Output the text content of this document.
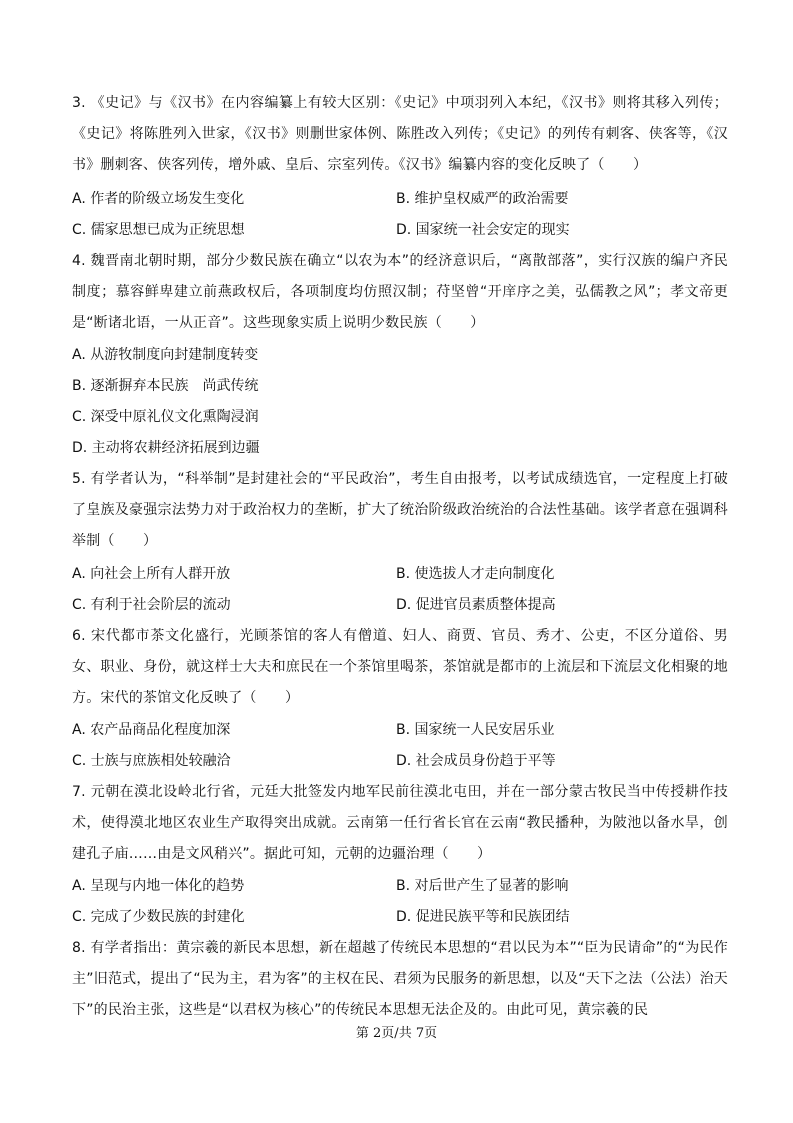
3. 《史记》与《汉书》在内容编纂上有较大区别：《史记》中项羽列入本纪，《汉书》则将其移入列传；《史记》将陈胜列入世家，《汉书》则删世家体例、陈胜改入列传；《史记》的列传有刺客、侠客等，《汉书》删刺客、侠客列传，增外戚、皇后、宗室列传。《汉书》编纂内容的变化反映了（　　）

A. 作者的阶级立场发生变化	B. 维护皇权威严的政治需要
C. 儒家思想已成为正统思想	D. 国家统一社会安定的现实

4. 魏晋南北朝时期，部分少数民族在确立“以农为本”的经济意识后，“离散部落”，实行汉族的编户齐民制度；慕容鲜卑建立前燕政权后，各项制度均仿照汉制；苻坚曾“开庠序之美，弘儒教之风”；孝文帝更是“断诸北语，一从正音”。这些现象实质上说明少数民族（　　）

A. 从游牧制度向封建制度转变
B. 逐渐摒弃本民族　尚武传统
C. 深受中原礼仪文化熏陶浸润
D. 主动将农耕经济拓展到边疆

5. 有学者认为，“科举制”是封建社会的“平民政治”，考生自由报考，以考试成绩选官，一定程度上打破了皇族及豪强宗法势力对于政治权力的垄断，扩大了统治阶级政治统治的合法性基础。该学者意在强调科举制（　　）

A. 向社会上所有人群开放	B. 使选拔人才走向制度化
C. 有利于社会阶层的流动	D. 促进官员素质整体提高

6. 宋代都市茶文化盛行，光顾茶馆的客人有僧道、妇人、商贾、官员、秀才、公吏，不区分道俗、男女、职业、身份，就这样士大夫和庶民在一个茶馆里喝茶，茶馆就是都市的上流层和下流层文化相聚的地方。宋代的茶馆文化反映了（　　）

A. 农产品商品化程度加深	B. 国家统一人民安居乐业
C. 士族与庶族相处较融洽	D. 社会成员身份趋于平等

7. 元朝在漠北设岭北行省，元廷大批签发内地军民前往漠北屯田，并在一部分蒙古牧民当中传授耕作技术，使得漠北地区农业生产取得突出成就。云南第一任行省长官在云南“教民播种，为陂池以备水旱，创建孔子庙……由是文风稍兴”。据此可知，元朝的边疆治理（　　）

A. 呈现与内地一体化的趋势	B. 对后世产生了显著的影响
C. 完成了少数民族的封建化	D. 促进民族平等和民族团结

8. 有学者指出：黄宗羲的新民本思想，新在超越了传统民本思想的“君以民为本”“臣为民请命”的“为民作主”旧范式，提出了“民为主，君为客”的主权在民、君须为民服务的新思想，以及“天下之法（公法）治天下”的民治主张，这些是“以君权为核心”的传统民本思想无法企及的。由此可见，黄宗羲的民

第 2页/共 7页
